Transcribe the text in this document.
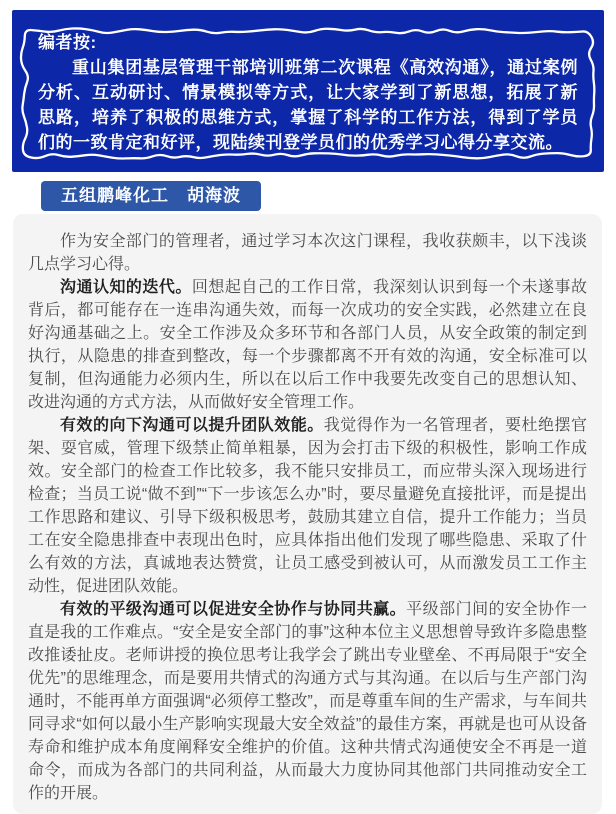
编者按:

重山集团基层管理干部培训班第二次课程《高效沟通》，通过案例分析、互动研讨、情景模拟等方式，让大家学到了新思想，拓展了新思路，培养了积极的思维方式，掌握了科学的工作方法，得到了学员们的一致肯定和好评，现陆续刊登学员们的优秀学习心得分享交流。

五组鹏峰化工　胡海波

作为安全部门的管理者，通过学习本次这门课程，我收获颇丰，以下浅谈几点学习心得。

沟通认知的迭代。回想起自己的工作日常，我深刻认识到每一个未遂事故背后，都可能存在一连串沟通失效，而每一次成功的安全实践，必然建立在良好沟通基础之上。安全工作涉及众多环节和各部门人员，从安全政策的制定到执行，从隐患的排查到整改，每一个步骤都离不开有效的沟通，安全标准可以复制，但沟通能力必须内生，所以在以后工作中我要先改变自己的思想认知、改进沟通的方式方法，从而做好安全管理工作。

有效的向下沟通可以提升团队效能。我觉得作为一名管理者，要杜绝摆官架、耍官威，管理下级禁止简单粗暴，因为会打击下级的积极性，影响工作成效。安全部门的检查工作比较多，我不能只安排员工，而应带头深入现场进行检查；当员工说“做不到”“下一步该怎么办”时，要尽量避免直接批评，而是提出工作思路和建议、引导下级积极思考，鼓励其建立自信，提升工作能力；当员工在安全隐患排查中表现出色时，应具体指出他们发现了哪些隐患、采取了什么有效的方法，真诚地表达赞赏，让员工感受到被认可，从而激发员工工作主动性，促进团队效能。

有效的平级沟通可以促进安全协作与协同共赢。平级部门间的安全协作一直是我的工作难点。“安全是安全部门的事”这种本位主义思想曾导致许多隐患整改推诿扯皮。老师讲授的换位思考让我学会了跳出专业壁垒、不再局限于“安全优先”的思维理念，而是要用共情式的沟通方式与其沟通。在以后与生产部门沟通时，不能再单方面强调“必须停工整改”，而是尊重车间的生产需求，与车间共同寻求“如何以最小生产影响实现最大安全效益”的最佳方案，再就是也可从设备寿命和维护成本角度阐释安全维护的价值。这种共情式沟通使安全不再是一道命令，而成为各部门的共同利益，从而最大力度协同其他部门共同推动安全工作的开展。
